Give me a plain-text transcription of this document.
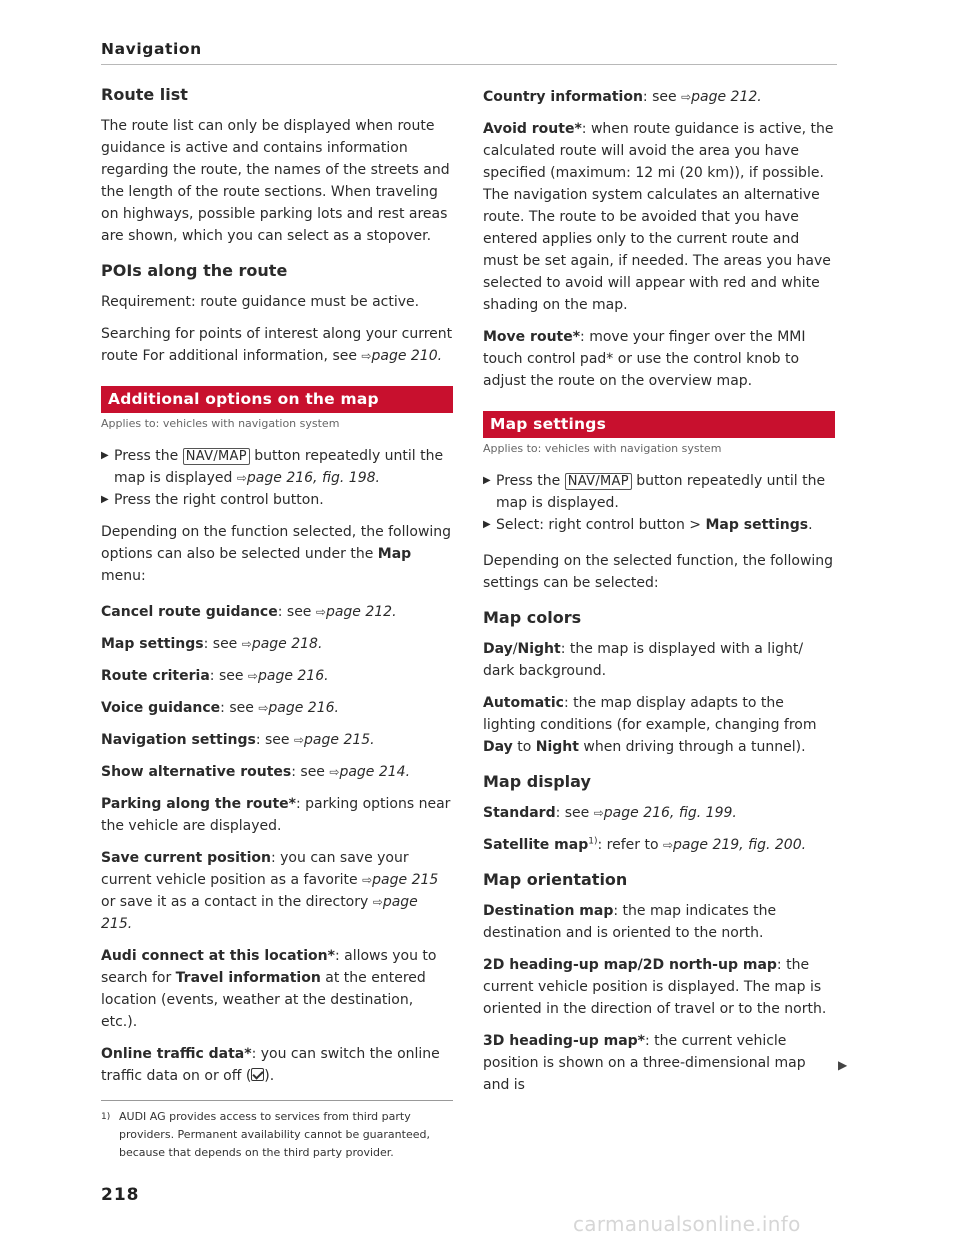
Navigation
Route list

The route list can only be displayed when route guidance is active and contains information regarding the route, the names of the streets and the length of the route sections. When traveling on highways, possible parking lots and rest areas are shown, which you can select as a stopover.

POIs along the route

Requirement: route guidance must be active.

Searching for points of interest along your current route For additional information, see ⇨page 210.

Additional options on the map
Applies to: vehicles with navigation system
▶ Press the NAV/MAP button repeatedly until the map is displayed ⇨page 216, fig. 198.
▶ Press the right control button.

Depending on the function selected, the following options can also be selected under the Map menu:

Cancel route guidance: see ⇨page 212.

Map settings: see ⇨page 218.

Route criteria: see ⇨page 216.

Voice guidance: see ⇨page 216.

Navigation settings: see ⇨page 215.

Show alternative routes: see ⇨page 214.

Parking along the route*: parking options near the vehicle are displayed.

Save current position: you can save your current vehicle position as a favorite ⇨page 215 or save it as a contact in the directory ⇨page 215.

Audi connect at this location*: allows you to search for Travel information at the entered location (events, weather at the destination, etc.).

Online traffic data*: you can switch the online traffic data on or off ( ).

Country information: see ⇨page 212.

Avoid route*: when route guidance is active, the calculated route will avoid the area you have specified (maximum: 12 mi (20 km)), if possible. The navigation system calculates an alternative route. The route to be avoided that you have entered applies only to the current route and must be set again, if needed. The areas you have selected to avoid will appear with red and white shading on the map.

Move route*: move your finger over the MMI touch control pad* or use the control knob to adjust the route on the overview map.

Map settings
Applies to: vehicles with navigation system
▶ Press the NAV/MAP button repeatedly until the map is displayed.
▶ Select: right control button > Map settings.

Depending on the selected function, the following settings can be selected:

Map colors

Day/Night: the map is displayed with a light/ dark background.

Automatic: the map display adapts to the lighting conditions (for example, changing from Day to Night when driving through a tunnel).

Map display

Standard: see ⇨page 216, fig. 199.

Satellite map$^{1)}$: refer to ⇨page 219, fig. 200.

Map orientation

Destination map: the map indicates the destination and is oriented to the north.

2D heading-up map/2D north-up map: the current vehicle position is displayed. The map is oriented in the direction of travel or to the north.

3D heading-up map*: the current vehicle position is shown on a three-dimensional map and is

▶
1) AUDI AG provides access to services from third party providers. Permanent availability cannot be guaranteed, because that depends on the third party provider.
218
carmanualsonline.info
